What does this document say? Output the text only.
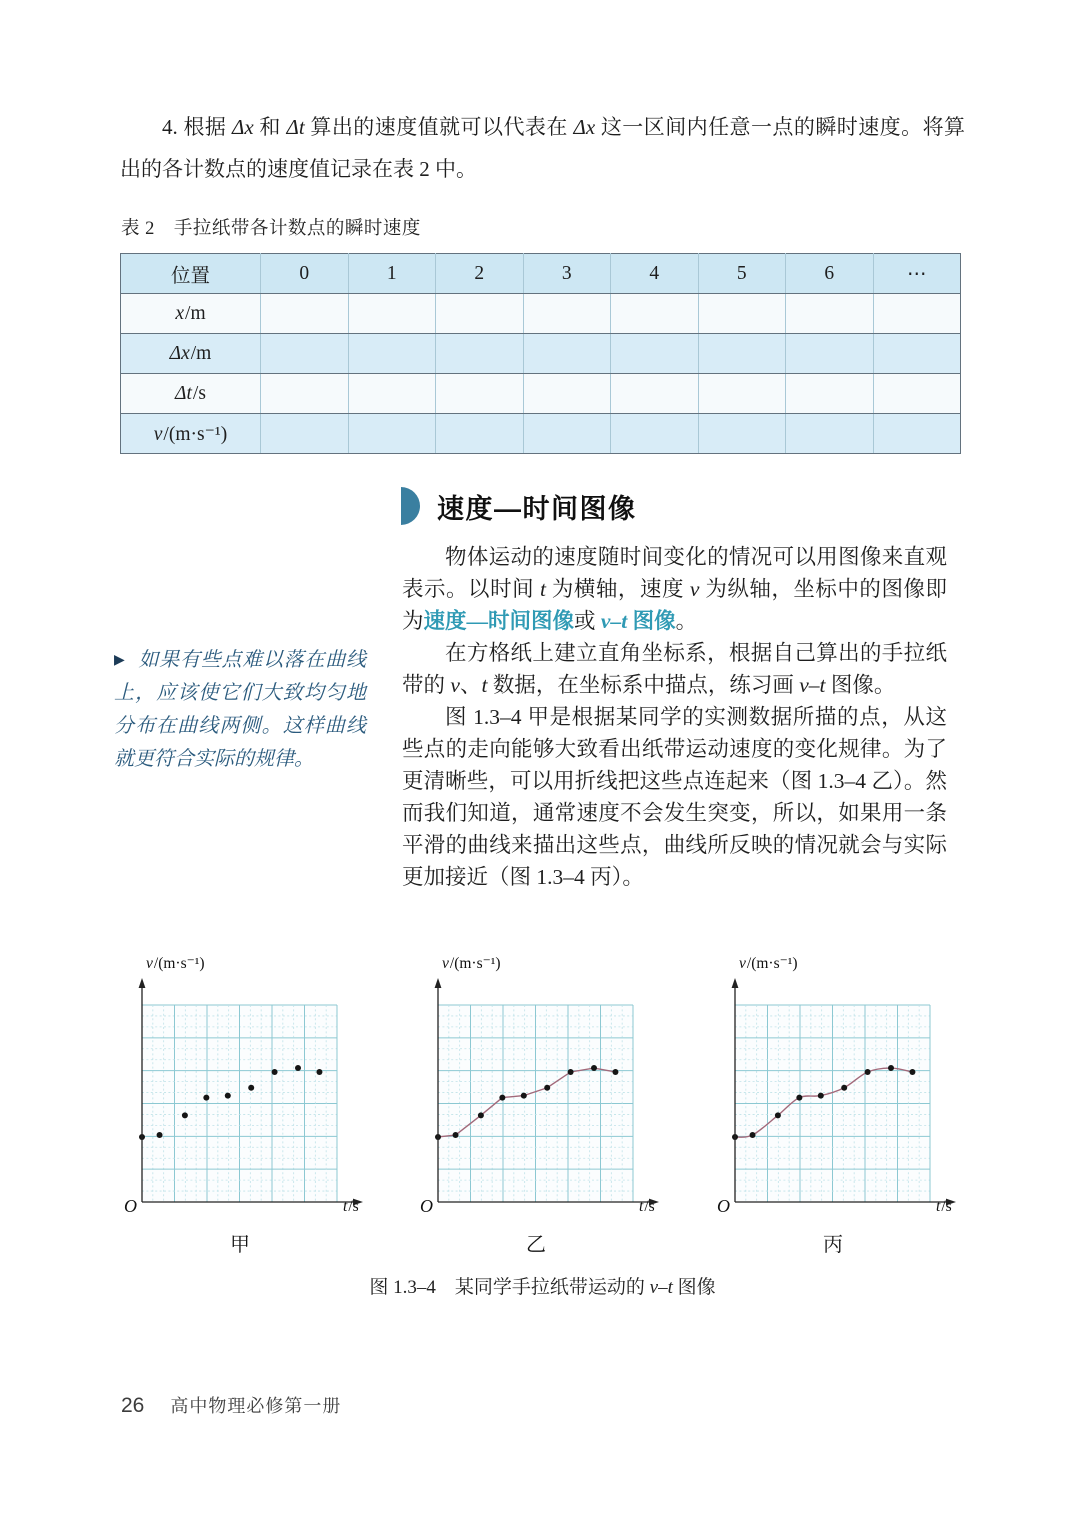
4. 根据 Δx 和 Δt 算出的速度值就可以代表在 Δx 这一区间内任意一点的瞬时速度。将算出的各计数点的速度值记录在表 2 中。
表 2　手拉纸带各计数点的瞬时速度
位置	0	1	2	3	4	5	6	⋯
x/m								
Δx/m								
Δt/s								
v/(m·s⁻¹)								
速度—时间图像
▶ 如果有些点难以落在曲线上，应该使它们大致均匀地分布在曲线两侧。这样曲线就更符合实际的规律。

物体运动的速度随时间变化的情况可以用图像来直观表示。以时间 t 为横轴，速度 v 为纵轴，坐标中的图像即为速度—时间图像或 v–t 图像。

在方格纸上建立直角坐标系，根据自己算出的手拉纸带的 v、t 数据，在坐标系中描点，练习画 v–t 图像。

图 1.3–4 甲是根据某同学的实测数据所描的点，从这些点的走向能够大致看出纸带运动速度的变化规律。为了更清晰些，可以用折线把这些点连起来（图 1.3–4 乙）。然而我们知道，通常速度不会发生突变，所以，如果用一条平滑的曲线来描出这些点，曲线所反映的情况就会与实际更加接近（图 1.3–4 丙）。

v/(m·s⁻¹)
O	t/s
甲
v/(m·s⁻¹)
O	t/s
乙
v/(m·s⁻¹)
O	t/s
丙
图 1.3–4　某同学手拉纸带运动的 v–t 图像
26 高中物理必修第一册
